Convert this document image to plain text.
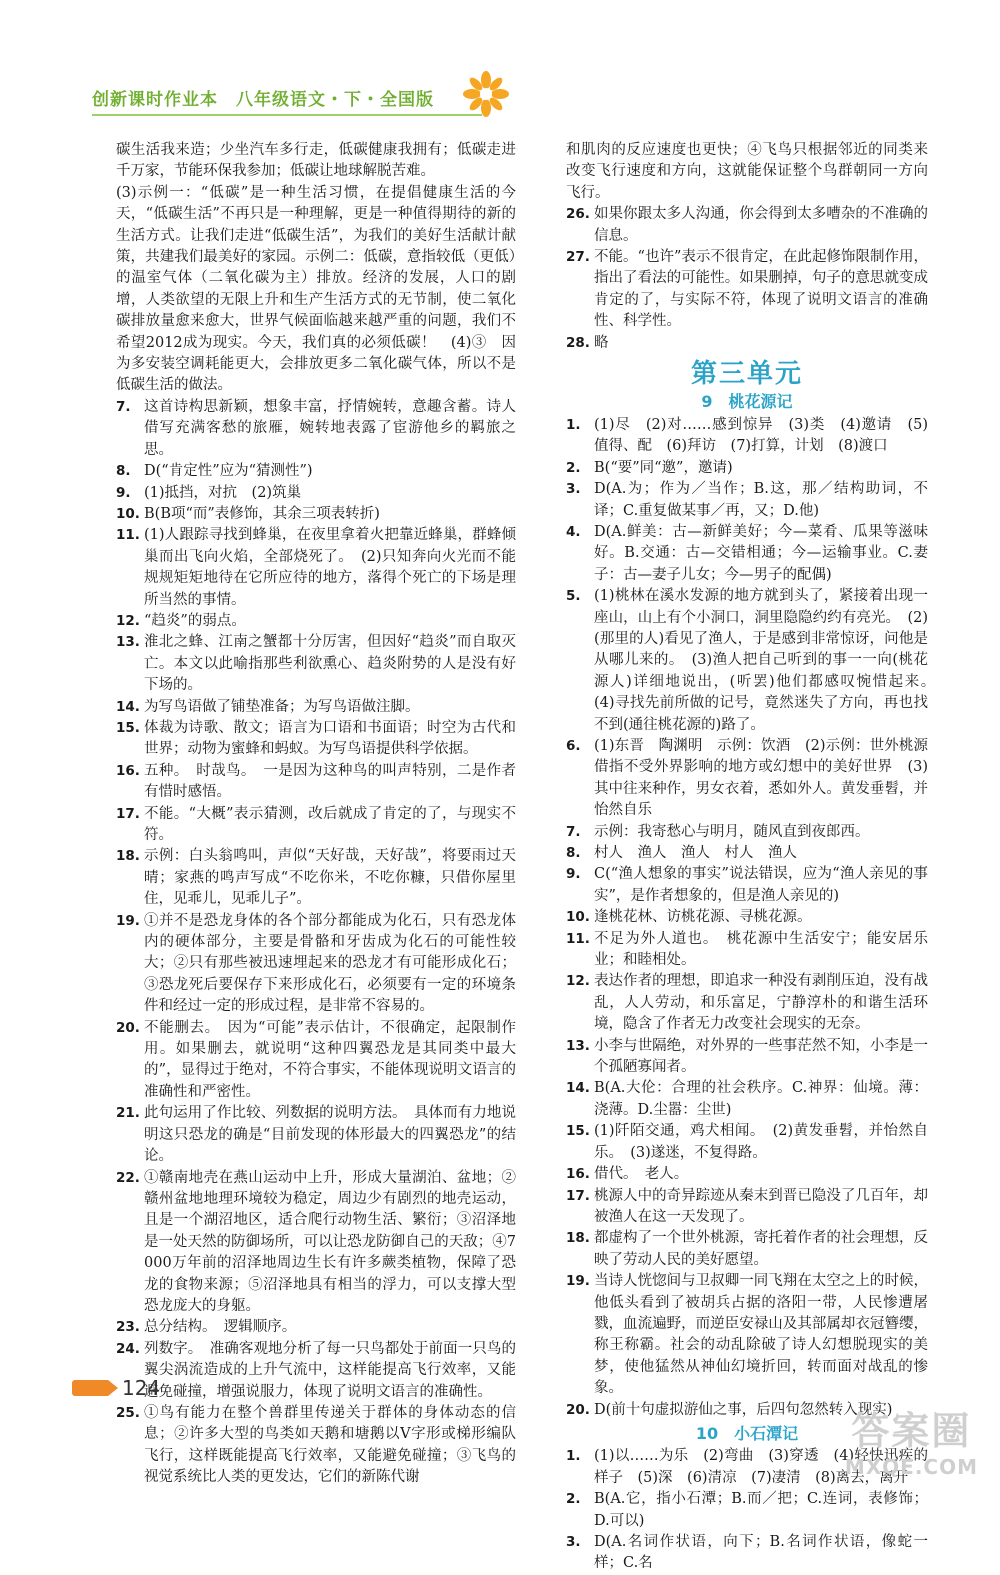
创新课时作业本　八年级语文・下・全国版
碳生活我来造；少坐汽车多行走，低碳健康我拥有；低碳走进千万家，节能环保我参加；低碳让地球解脱苦难。
(3)示例一：“低碳”是一种生活习惯，在提倡健康生活的今天，“低碳生活”不再只是一种理解，更是一种值得期待的新的生活方式。让我们走进“低碳生活”，为我们的美好生活献计献策，共建我们最美好的家园。示例二：低碳，意指较低（更低）的温室气体（二氧化碳为主）排放。经济的发展，人口的剧增，人类欲望的无限上升和生产生活方式的无节制，使二氧化碳排放量愈来愈大，世界气候面临越来越严重的问题，我们不希望2012成为现实。今天，我们真的必须低碳！　(4)③　因为多安装空调耗能更大，会排放更多二氧化碳气体，所以不是低碳生活的做法。
7. 这首诗构思新颖，想象丰富，抒情婉转，意趣含蓄。诗人借写充满客愁的旅雁，婉转地表露了宦游他乡的羁旅之思。
8. D(“肯定性”应为“猜测性”)
9. (1)抵挡，对抗　(2)筑巢
10. B(B项“而”表修饰，其余三项表转折)
11. (1)人跟踪寻找到蜂巢，在夜里拿着火把靠近蜂巢，群蜂倾巢而出飞向火焰，全部烧死了。　(2)只知奔向火光而不能规规矩矩地待在它所应待的地方，落得个死亡的下场是理所当然的事情。
12. “趋炎”的弱点。
13. 淮北之蜂、江南之蟹都十分厉害，但因好“趋炎”而自取灭亡。本文以此喻指那些利欲熏心、趋炎附势的人是没有好下场的。
14. 为写鸟语做了铺垫准备；为写鸟语做注脚。
15. 体裁为诗歌、散文；语言为口语和书面语；时空为古代和世界；动物为蜜蜂和蚂蚁。为写鸟语提供科学依据。
16. 五种。　时哉鸟。　一是因为这种鸟的叫声特别，二是作者有惜时感悟。
17. 不能。“大概”表示猜测，改后就成了肯定的了，与现实不符。
18. 示例：白头翁鸣叫，声似“天好哉，天好哉”，将要雨过天晴；家燕的鸣声写成“不吃你米，不吃你糠，只借你屋里住，见乖儿，见乖儿子”。
19. ①并不是恐龙身体的各个部分都能成为化石，只有恐龙体内的硬体部分，主要是骨骼和牙齿成为化石的可能性较大；②只有那些被迅速埋起来的恐龙才有可能形成化石；③恐龙死后要保存下来形成化石，必须要有一定的环境条件和经过一定的形成过程，是非常不容易的。
20. 不能删去。　因为“可能”表示估计，不很确定，起限制作用。如果删去，就说明“这种四翼恐龙是其同类中最大的”，显得过于绝对，不符合事实，不能体现说明文语言的准确性和严密性。
21. 此句运用了作比较、列数据的说明方法。　具体而有力地说明这只恐龙的确是“目前发现的体形最大的四翼恐龙”的结论。
22. ①赣南地壳在燕山运动中上升，形成大量湖泊、盆地；②赣州盆地地理环境较为稳定，周边少有剧烈的地壳运动，且是一个湖沼地区，适合爬行动物生活、繁衍；③沼泽地是一处天然的防御场所，可以让恐龙防御自己的天敌；④7 000万年前的沼泽地周边生长有许多蕨类植物，保障了恐龙的食物来源；⑤沼泽地具有相当的浮力，可以支撑大型恐龙庞大的身躯。
23. 总分结构。　逻辑顺序。
24. 列数字。　准确客观地分析了每一只鸟都处于前面一只鸟的翼尖涡流造成的上升气流中，这样能提高飞行效率，又能避免碰撞，增强说服力，体现了说明文语言的准确性。
25. ①鸟有能力在整个兽群里传递关于群体的身体动态的信息；②许多大型的鸟类如天鹅和塘鹅以V字形或梯形编队飞行，这样既能提高飞行效率，又能避免碰撞；③飞鸟的视觉系统比人类的更发达，它们的新陈代谢
和肌肉的反应速度也更快；④飞鸟只根据邻近的同类来改变飞行速度和方向，这就能保证整个鸟群朝同一方向飞行。
26. 如果你跟太多人沟通，你会得到太多嘈杂的不准确的信息。
27. 不能。“也许”表示不很肯定，在此起修饰限制作用，指出了看法的可能性。如果删掉，句子的意思就变成肯定的了，与实际不符，体现了说明文语言的准确性、科学性。
28. 略
第三单元
9　桃花源记
1. (1)尽　(2)对……感到惊异　(3)类　(4)邀请　(5)值得、配　(6)拜访　(7)打算，计划　(8)渡口
2. B(“要”同“邀”，邀请)
3. D(A.为；作为／当作；B.这，那／结构助词，不译；C.重复做某事／再，又；D.他)
4. D(A.鲜美：古—新鲜美好；今—菜肴、瓜果等滋味好。B.交通：古—交错相通；今—运输事业。C.妻子：古—妻子儿女；今—男子的配偶)
5. (1)桃林在溪水发源的地方就到头了，紧接着出现一座山，山上有个小洞口，洞里隐隐约约有亮光。　(2)(那里的人)看见了渔人，于是感到非常惊讶，问他是从哪儿来的。　(3)渔人把自己听到的事一一向(桃花源人)详细地说出，(听罢)他们都感叹惋惜起来。　(4)寻找先前所做的记号，竟然迷失了方向，再也找不到(通往桃花源的)路了。
6. (1)东晋　陶渊明　示例：饮酒　(2)示例：世外桃源借指不受外界影响的地方或幻想中的美好世界　(3)其中往来种作，男女衣着，悉如外人。黄发垂髫，并怡然自乐
7. 示例：我寄愁心与明月，随风直到夜郎西。
8. 村人　渔人　渔人　村人　渔人
9. C(“渔人想象的事实”说法错误，应为“渔人亲见的事实”，是作者想象的，但是渔人亲见的)
10. 逢桃花林、访桃花源、寻桃花源。
11. 不足为外人道也。　桃花源中生活安宁；能安居乐业；和睦相处。
12. 表达作者的理想，即追求一种没有剥削压迫，没有战乱，人人劳动，和乐富足，宁静淳朴的和谐生活环境，隐含了作者无力改变社会现实的无奈。
13. 小李与世隔绝，对外界的一些事茫然不知，小李是一个孤陋寡闻者。
14. B(A.大伦：合理的社会秩序。C.神界：仙境。薄：浇薄。D.尘嚣：尘世)
15. (1)阡陌交通，鸡犬相闻。　(2)黄发垂髫，并怡然自乐。　(3)遂迷，不复得路。
16. 借代。　老人。
17. 桃源人中的奇异踪迹从秦末到晋已隐没了几百年，却被渔人在这一天发现了。
18. 都虚构了一个世外桃源，寄托着作者的社会理想，反映了劳动人民的美好愿望。
19. 当诗人恍惚间与卫叔卿一同飞翔在太空之上的时候，他低头看到了被胡兵占据的洛阳一带，人民惨遭屠戮，血流遍野，而逆臣安禄山及其部属却衣冠簪缨，称王称霸。社会的动乱除破了诗人幻想脱现实的美梦，使他猛然从神仙幻境折回，转而面对战乱的惨象。
20. D(前十句虚拟游仙之事，后四句忽然转入现实)
10　小石潭记
1. (1)以……为乐　(2)弯曲　(3)穿透　(4)轻快迅疾的样子　(5)深　(6)清凉　(7)凄清　(8)离去，离开
2. B(A.它，指小石潭；B.而／把；C.连词，表修饰；D.可以)
3. D(A.名词作状语，向下；B.名词作状语，像蛇一样；C.名
124
答案圈
MXQE.COM
